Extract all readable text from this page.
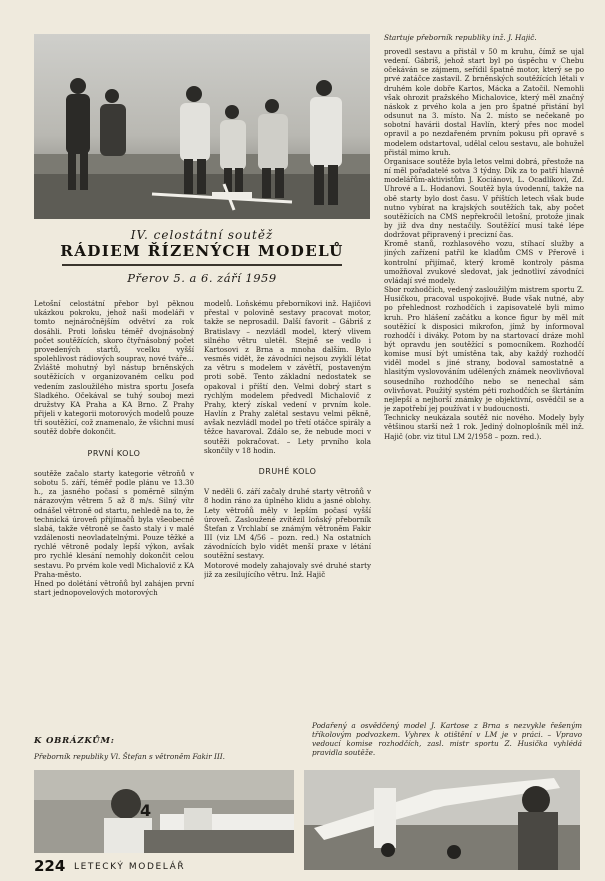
Startuje přeborník republiky inž. J. Hajič.
IV. celostátní soutěž
RÁDIEM ŘÍZENÝCH MODELŮ
Přerov 5. a 6. září 1959
provedl sestavu a přistál v 50 m kruhu, čímž se ujal vedení. Gábriš, jehož start byl po úspěchu v Chebu očekáván se zájmem, seřídil špatně motor, který se po prvé zatáčce zastavil. Z brněnských soutěžících létali v druhém kole dobře Kartos, Mácka a Zatočil. Nemohli však ohrozit pražského Michalovice, který měl značný náskok z prvého kola a jen pro špatné přistání byl odsunut na 3. místo. Na 2. místo se nečekaně po sobotní havárii dostal Havlín, který přes noc model opravil a po nezdařeném prvním pokusu při opravě s modelem odstartoval, udělal celou sestavu, ale bohužel přistál mimo kruh.
Organisace soutěže byla letos velmi dobrá, přestože na ní měl pořadatelé sotva 3 týdny. Dík za to patří hlavně modelářům-aktivistům J. Kociánovi, L. Ocadlíkovi, Zd. Uhrové a L. Hodanovi. Soutěž byla úvodenní, takže na obě starty bylo dost času. V příštích letech však bude nutno vybírat na krajských soutěžích tak, aby počet soutěžících na CMS nepřekročil letošní, protože jinak by již dva dny nestačily. Soutěžící musí také lépe dodržovat připravený i precizní čas.
Kromě stanů, rozhlasového vozu, stíhací služby a jiných zařízení patřil ke kladům CMS v Přerově i kontrolní přijímač, který kromě kontroly pásma umožňoval zvukové sledovat, jak jednotliví závodníci ovládají své modely.
Sbor rozhodčích, vedený zasloužilým mistrem sportu Z. Husičkou, pracoval uspokojivě. Bude však nutné, aby po přehlednost rozhodčích i zapisovatelé byli mimo kruh. Pro hlášení začátku a konce figur by měl mít soutěžící k disposici mikrofon, jímž by informoval rozhodčí i diváky. Potom by na startovací dráze mohl být opravdu jen soutěžící s pomocníkem. Rozhodčí komise musí být umístěna tak, aby každý rozhodčí viděl model s jiné strany, bodoval samostatně a hlasitým vyslovováním udělených známek neovlivňoval sousedního rozhodčího nebo se nenechal sám ovlivňovat. Použitý systém péti rozhodčích se škrtáním nejlepší a nejhorší známky je objektivní, osvědčil se a je zapotřebí jej používat i v budoucnosti.
Technicky neukázala soutěž nic nového. Modely byly většinou starší než 1 rok. Jediný dolnoplošník měl inž. Hajič (obr. viz titul LM 2/1958 – pozn. red.).

Letošní celostátní přebor byl pěknou ukázkou pokroku, jehož naši modeláři v tomto nejnáročnějším odvětví za rok dosáhli. Proti loňsku téměř dvojnásobný počet soutěžících, skoro čtyřnásobný počet provedených startů, vcelku vyšší spolehlivost rádiových souprav, nové tváře...
Zvláště mohutný byl nástup brněnských soutěžících v organizovaném celku pod vedením zasloužilého mistra sportu Josefa Sladkého. Očekával se tuhý souboj mezi družstvy KA Praha a KA Brno. Z Prahy přijeli v kategorii motorových modelů pouze tři soutěžící, což znamenalo, že všichni musí soutěž dobře dokončit.

PRVNÍ KOLO

soutěže začalo starty kategorie větroňů v sobotu 5. září, téměř podle plánu ve 13.30 h., za jasného počasí s poměrně silným nárazovým větrem 5 až 8 m/s. Silný vítr odnášel větroně od startu, nehledě na to, že technická úroveň přijímačů byla všeobecně slabá, takže větroně se často staly i v malé vzdálenosti neovladatelnými. Pouze těžké a rychlé větroně podaly lepší výkon, avšak pro rychlé klesání nemohly dokončit celou sestavu. Po prvém kole vedl Michalovič z KA Praha-město.
Hned po dolétání větroňů byl zahájen první start jednopovelových motorových

modelů. Loňskému přeborníkovi inž. Hajičovi přestal v polovině sestavy pracovat motor, takže se neprosadil. Další favorit – Gábriš z Bratislavy – nezvládl model, který vlivem silného větru uletěl. Stejně se vedlo i Kartosovi z Brna a mnoha dalším. Bylo vesměs vidět, že závodníci nejsou zvyklí létat za větru s modelem v závětří, postaveným proti sobě. Tento základní nedostatek se opakoval i příští den. Velmi dobrý start s rychlým modelem předvedl Michalovič z Prahy, který získal vedení v prvním kole. Havlín z Prahy zalétal sestavu velmi pěkně, avšak nezvládl model po třetí otáčce spirály a těžce havaroval. Zdálo se, že nebude moci v soutěži pokračovat. – Lety prvního kola skončily v 18 hodin.

DRUHÉ KOLO

V neděli 6. září začaly druhé starty větroňů v 8 hodin ráno za úplného klidu a jasné oblohy. Lety větroňů měly v lepším počasí vyšší úroveň. Zasloužené zvítězil loňský přeborník Štefan z Vrchlabí se známým větroněm Fakir III (viz LM 4/56 – pozn. red.) Na ostatních závodnících bylo vidět menší praxe v létání soutěžní sestavy.
Motorové modely zahajovaly své druhé starty již za zesilujícího větru. Inž. Hajič

K OBRÁZKŮM:
Přeborník republiky Vl. Štefan s větroněm Fakir III.
Podařený a osvědčený model J. Kartose z Brna s nezvykle řešeným tříkolovým podvozkem. Vyhrex k otištění v LM je v práci. – Vpravo vedoucí komise rozhodčích, zasl. mistr sportu Z. Husička vyhlédá pravidla soutěže.
4
224 LETECKÝ MODELÁŘ
